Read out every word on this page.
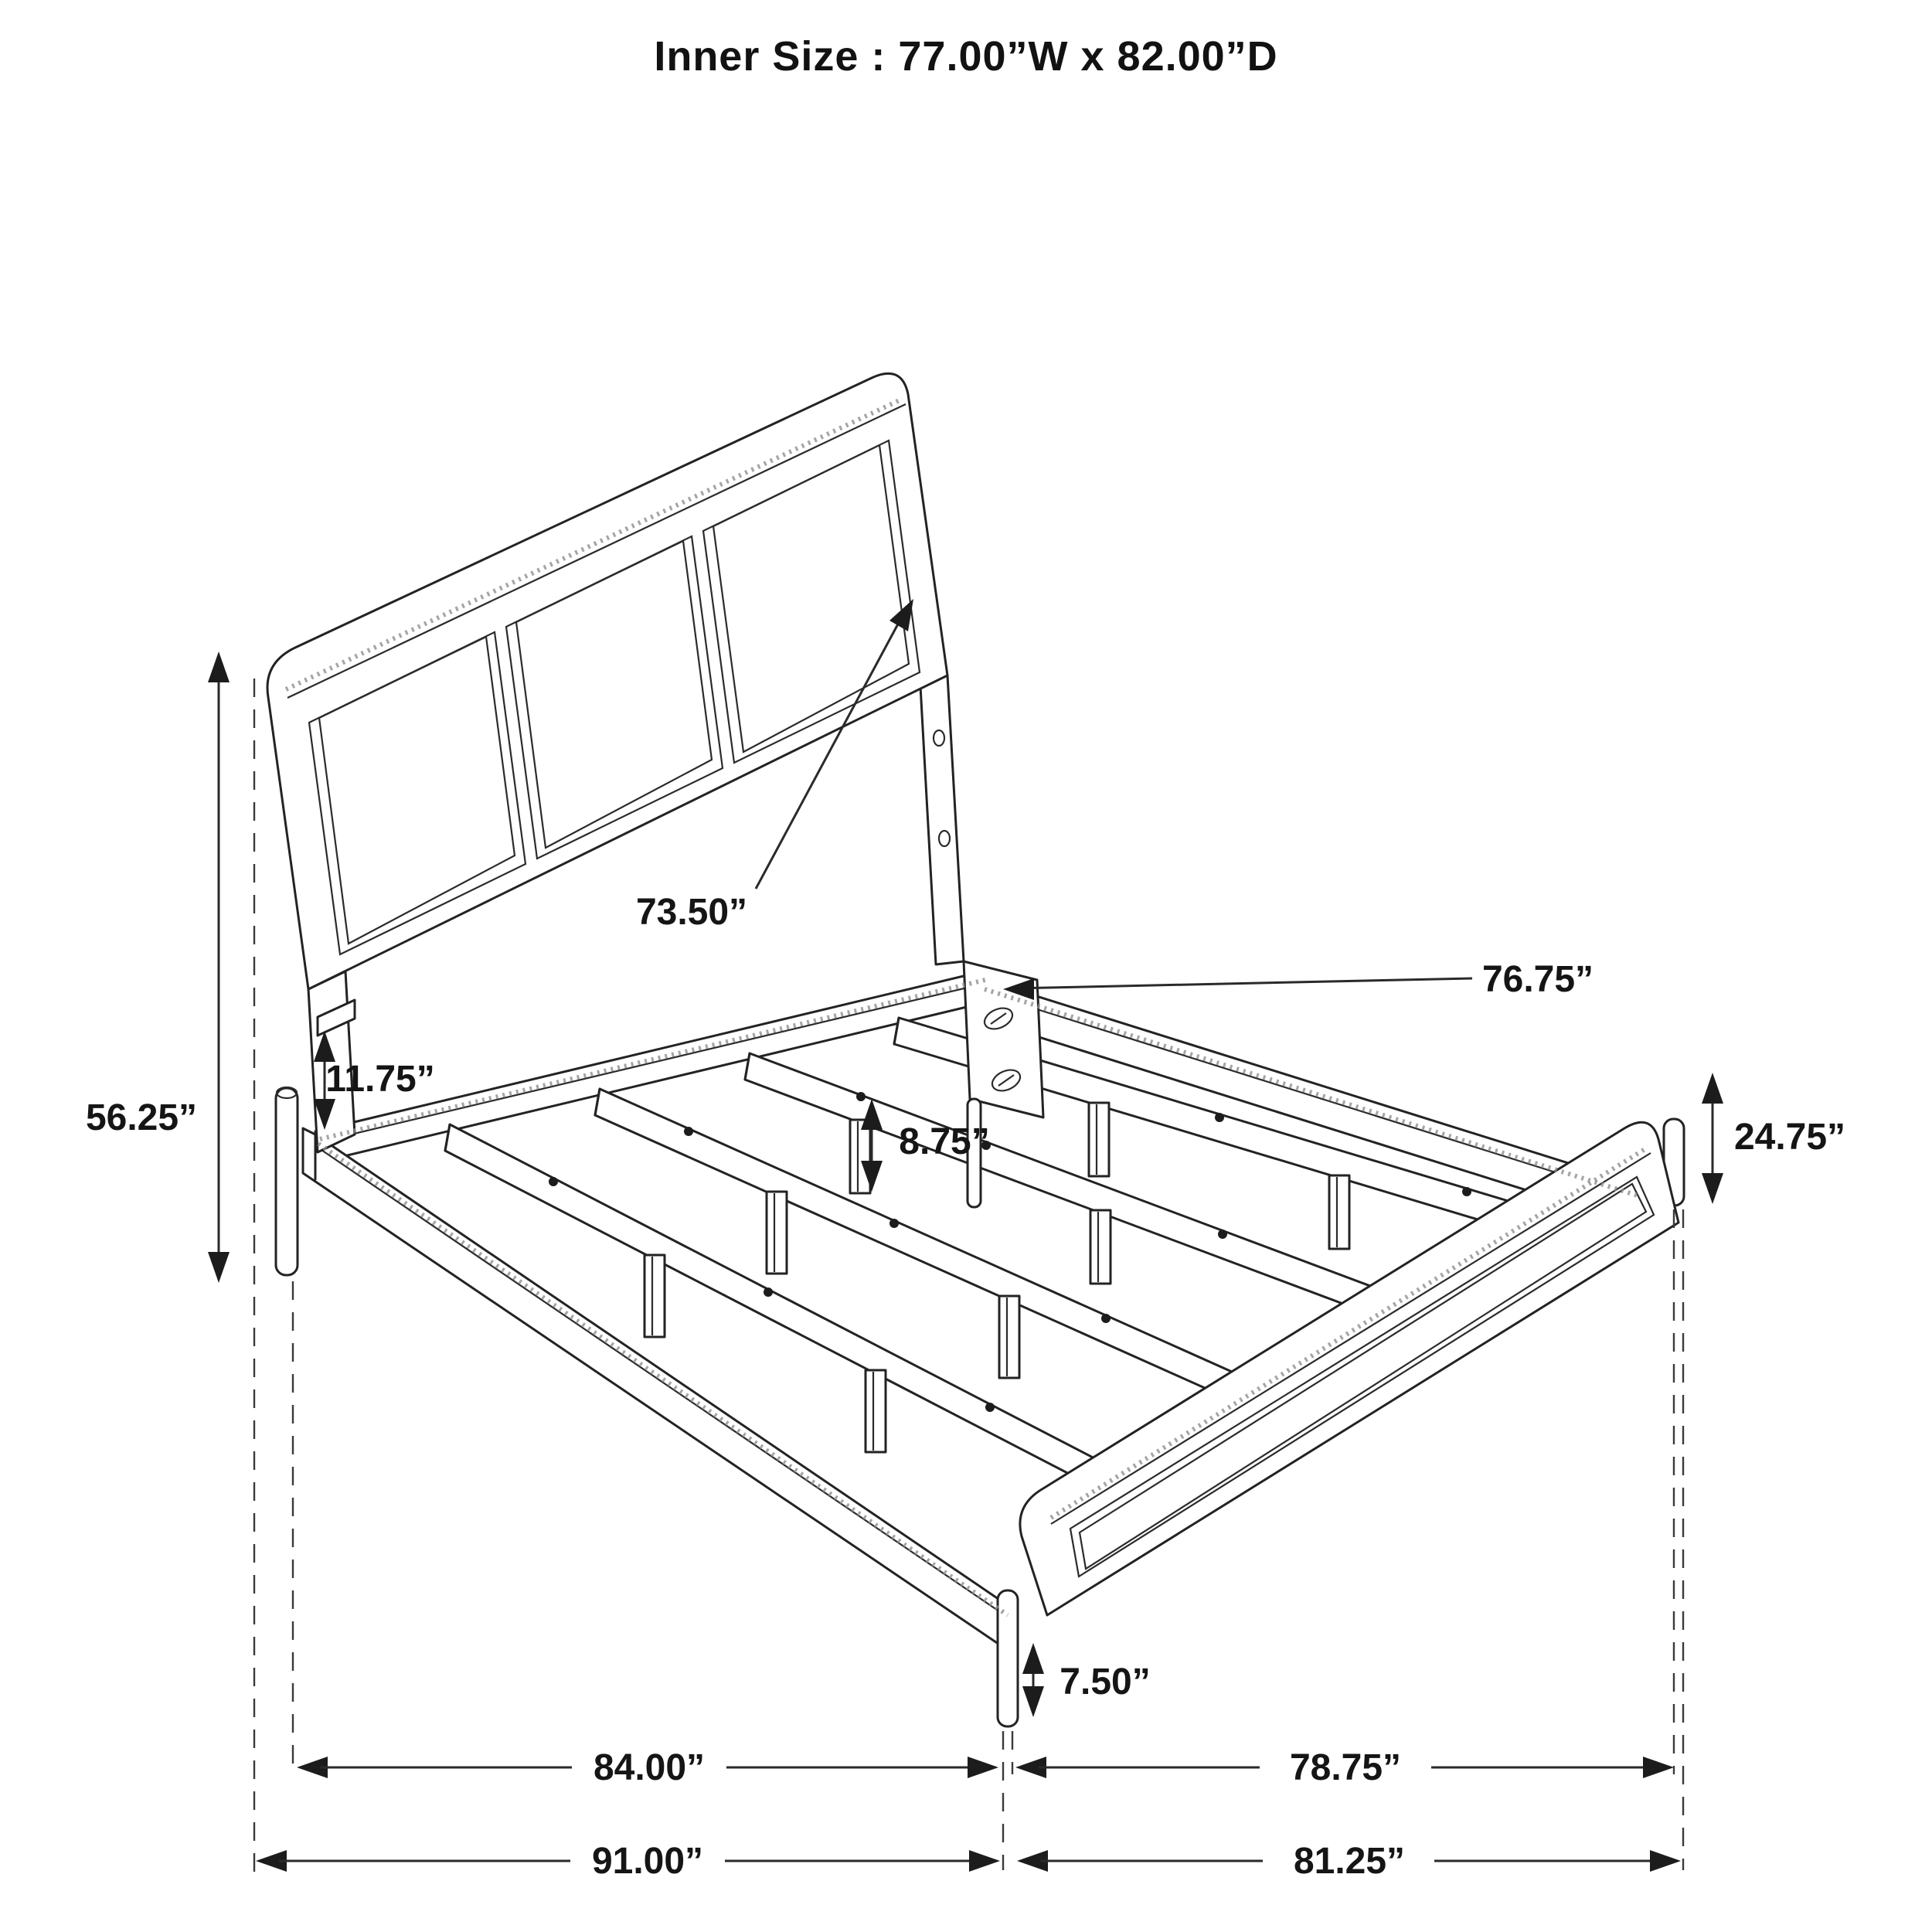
Inner Size : 77.00”W x 82.00”D
56.25”
11.75”
73.50”
8.75”
76.75”
24.75”
7.50”
84.00”	78.75”
91.00”	81.25”
